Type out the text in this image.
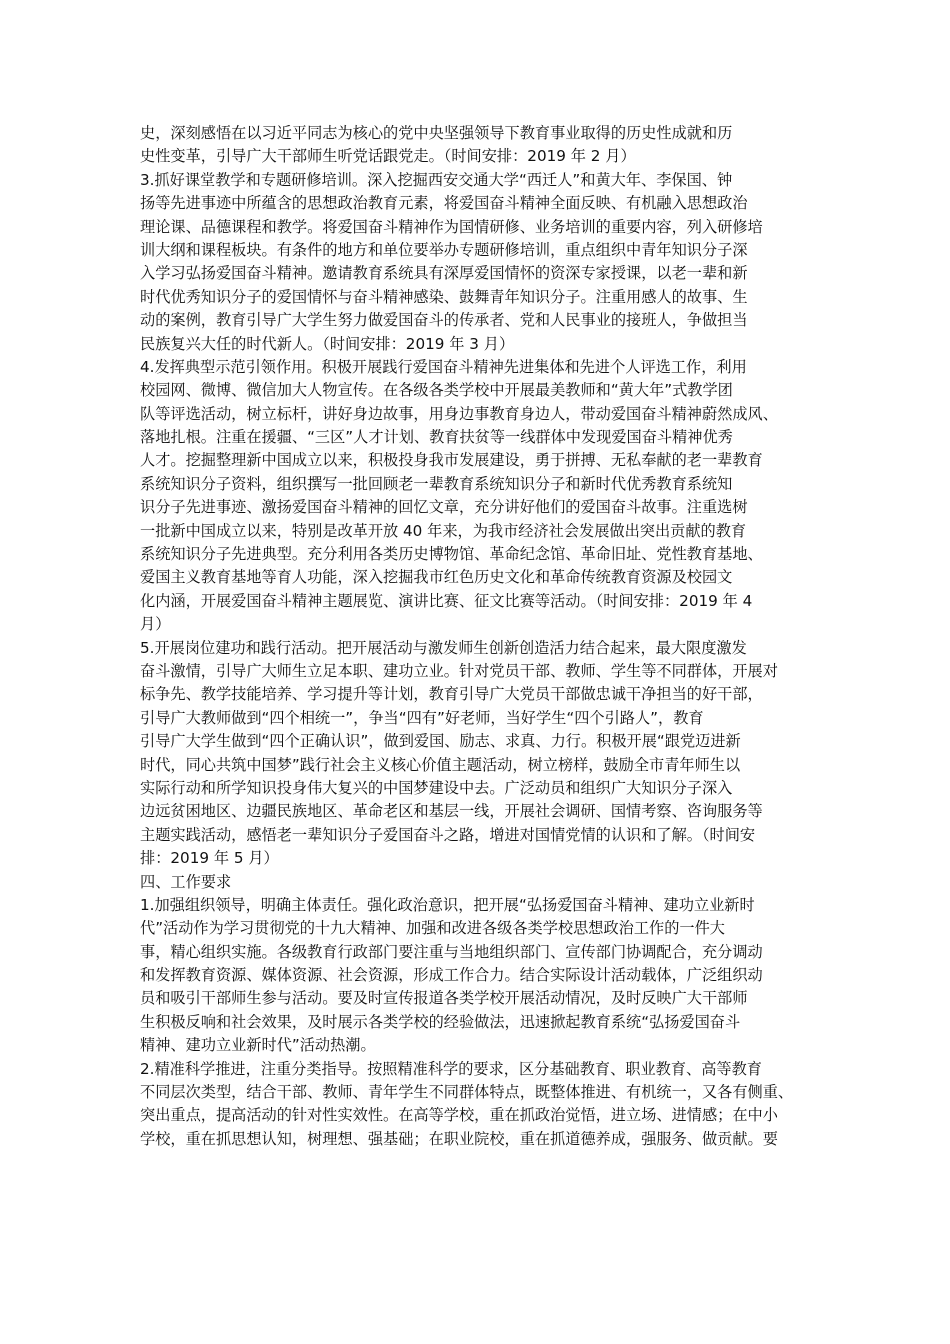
史，深刻感悟在以习近平同志为核心的党中央坚强领导下教育事业取得的历史性成就和历
史性变革，引导广大干部师生听党话跟党走。（时间安排：2019 年 2 月）
3.抓好课堂教学和专题研修培训。深入挖掘西安交通大学“西迁人”和黄大年、李保国、钟
扬等先进事迹中所蕴含的思想政治教育元素，将爱国奋斗精神全面反映、有机融入思想政治
理论课、品德课程和教学。将爱国奋斗精神作为国情研修、业务培训的重要内容，列入研修培
训大纲和课程板块。有条件的地方和单位要举办专题研修培训，重点组织中青年知识分子深
入学习弘扬爱国奋斗精神。邀请教育系统具有深厚爱国情怀的资深专家授课，以老一辈和新
时代优秀知识分子的爱国情怀与奋斗精神感染、鼓舞青年知识分子。注重用感人的故事、生
动的案例，教育引导广大学生努力做爱国奋斗的传承者、党和人民事业的接班人，争做担当
民族复兴大任的时代新人。（时间安排：2019 年 3 月）
4.发挥典型示范引领作用。积极开展践行爱国奋斗精神先进集体和先进个人评选工作，利用
校园网、微博、微信加大人物宣传。在各级各类学校中开展最美教师和“黄大年”式教学团
队等评选活动，树立标杆，讲好身边故事，用身边事教育身边人，带动爱国奋斗精神蔚然成风、
落地扎根。注重在援疆、“三区”人才计划、教育扶贫等一线群体中发现爱国奋斗精神优秀
人才。挖掘整理新中国成立以来，积极投身我市发展建设，勇于拼搏、无私奉献的老一辈教育
系统知识分子资料，组织撰写一批回顾老一辈教育系统知识分子和新时代优秀教育系统知
识分子先进事迹、激扬爱国奋斗精神的回忆文章，充分讲好他们的爱国奋斗故事。注重选树
一批新中国成立以来，特别是改革开放 40 年来，为我市经济社会发展做出突出贡献的教育
系统知识分子先进典型。充分利用各类历史博物馆、革命纪念馆、革命旧址、党性教育基地、
爱国主义教育基地等育人功能，深入挖掘我市红色历史文化和革命传统教育资源及校园文
化内涵，开展爱国奋斗精神主题展览、演讲比赛、征文比赛等活动。（时间安排：2019 年 4
月）
5.开展岗位建功和践行活动。把开展活动与激发师生创新创造活力结合起来，最大限度激发
奋斗激情，引导广大师生立足本职、建功立业。针对党员干部、教师、学生等不同群体，开展对
标争先、教学技能培养、学习提升等计划，教育引导广大党员干部做忠诚干净担当的好干部，
引导广大教师做到“四个相统一”，争当“四有”好老师，当好学生“四个引路人”，教育
引导广大学生做到“四个正确认识”，做到爱国、励志、求真、力行。积极开展“跟党迈进新
时代，同心共筑中国梦”践行社会主义核心价值主题活动，树立榜样，鼓励全市青年师生以
实际行动和所学知识投身伟大复兴的中国梦建设中去。广泛动员和组织广大知识分子深入
边远贫困地区、边疆民族地区、革命老区和基层一线，开展社会调研、国情考察、咨询服务等
主题实践活动，感悟老一辈知识分子爱国奋斗之路，增进对国情党情的认识和了解。（时间安
排：2019 年 5 月）
四、工作要求
1.加强组织领导，明确主体责任。强化政治意识，把开展“弘扬爱国奋斗精神、建功立业新时
代”活动作为学习贯彻党的十九大精神、加强和改进各级各类学校思想政治工作的一件大
事，精心组织实施。各级教育行政部门要注重与当地组织部门、宣传部门协调配合，充分调动
和发挥教育资源、媒体资源、社会资源，形成工作合力。结合实际设计活动载体，广泛组织动
员和吸引干部师生参与活动。要及时宣传报道各类学校开展活动情况，及时反映广大干部师
生积极反响和社会效果，及时展示各类学校的经验做法，迅速掀起教育系统“弘扬爱国奋斗
精神、建功立业新时代”活动热潮。
2.精准科学推进，注重分类指导。按照精准科学的要求，区分基础教育、职业教育、高等教育
不同层次类型，结合干部、教师、青年学生不同群体特点，既整体推进、有机统一，又各有侧重、
突出重点，提高活动的针对性实效性。在高等学校，重在抓政治觉悟，进立场、进情感；在中小
学校，重在抓思想认知，树理想、强基础；在职业院校，重在抓道德养成，强服务、做贡献。要
